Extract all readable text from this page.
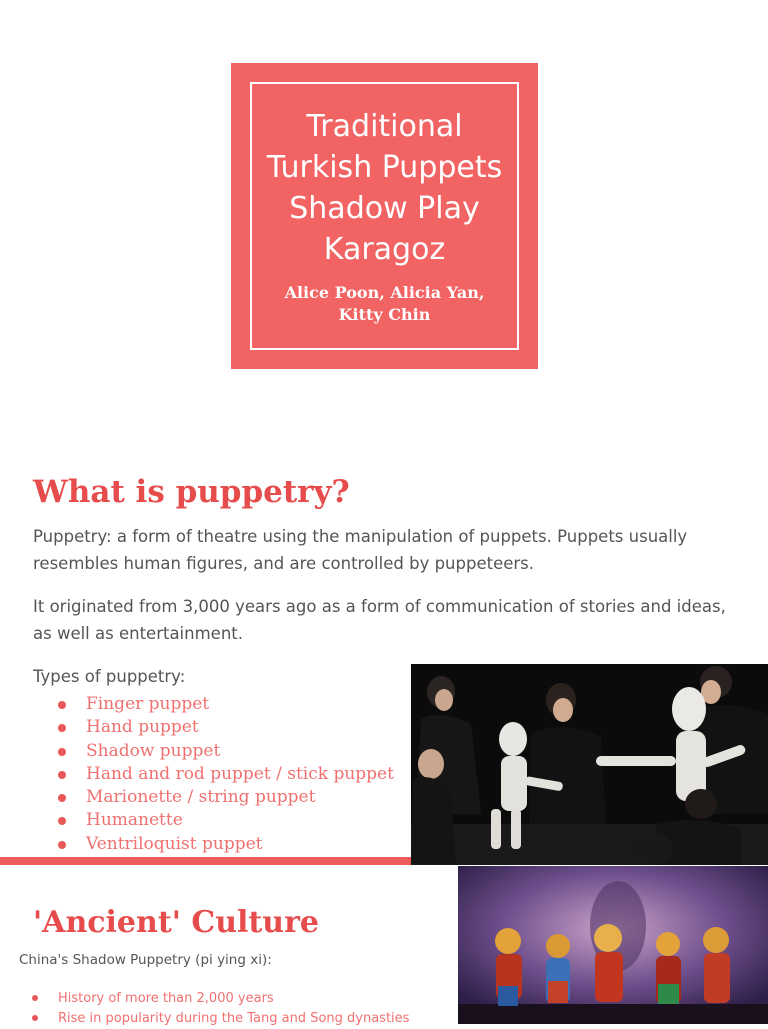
Traditional
Turkish Puppets
Shadow Play
Karagoz
Alice Poon, Alicia Yan,
Kitty Chin
What is puppetry?

Puppetry: a form of theatre using the manipulation of puppets. Puppets usually resembles human figures, and are controlled by puppeteers.

It originated from 3,000 years ago as a form of communication of stories and ideas, as well as entertainment.

Types of puppetry:

Finger puppet
Hand puppet
Shadow puppet
Hand and rod puppet / stick puppet
Marionette / string puppet
Humanette
Ventriloquist puppet
'Ancient' Culture

China's Shadow Puppetry (pi ying xi):

History of more than 2,000 years
Rise in popularity during the Tang and Song dynasties
